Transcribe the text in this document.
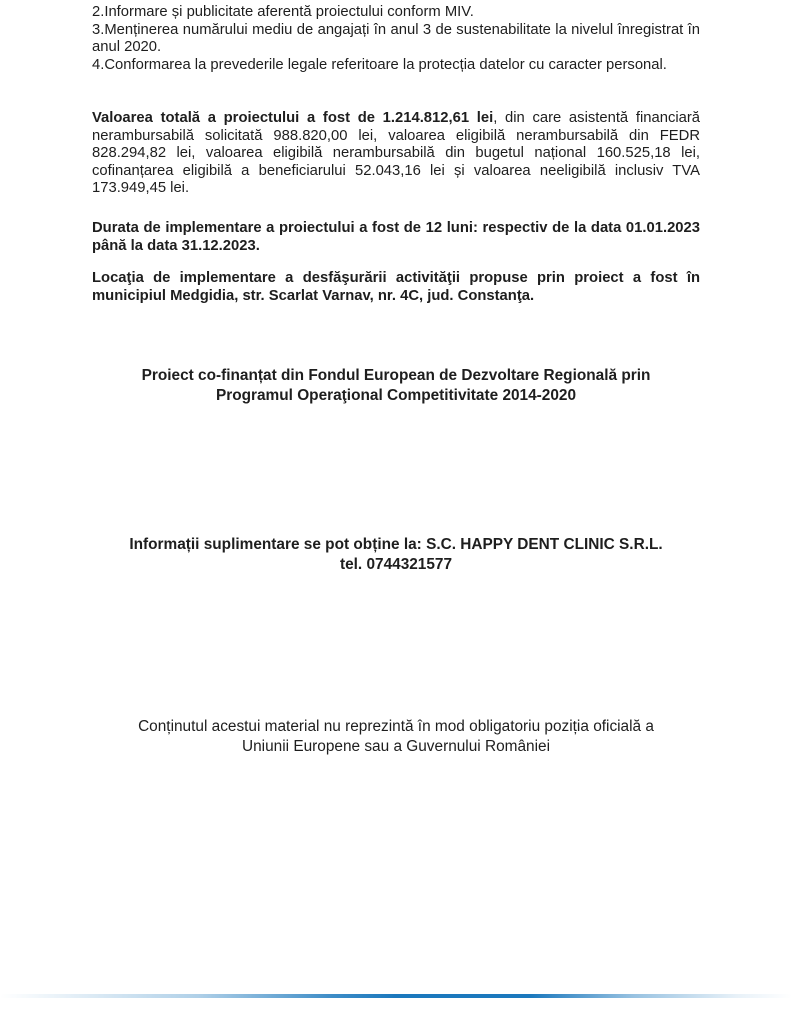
2.Informare și publicitate aferentă proiectului conform MIV.

3.Menținerea numărului mediu de angajați în anul 3 de sustenabilitate la nivelul înregistrat în anul 2020.

4.Conformarea la prevederile legale referitoare la protecția datelor cu caracter personal.

Valoarea totală a proiectului a fost de 1.214.812,61 lei, din care asistentă financiară nerambursabilă solicitată 988.820,00 lei, valoarea eligibilă nerambursabilă din FEDR 828.294,82 lei, valoarea eligibilă nerambursabilă din bugetul național 160.525,18 lei, cofinanțarea eligibilă a beneficiarului 52.043,16 lei și valoarea neeligibilă inclusiv TVA 173.949,45 lei.

Durata de implementare a proiectului a fost de 12 luni: respectiv de la data 01.01.2023 până la data 31.12.2023.

Locaţia de implementare a desfăşurării activităţii propuse prin proiect a fost în municipiul Medgidia, str. Scarlat Varnav, nr. 4C, jud. Constanţa.

Proiect co-finanțat din Fondul European de Dezvoltare Regională prin
Programul Operaţional Competitivitate 2014-2020
Informații suplimentare se pot obține la: S.C. HAPPY DENT CLINIC S.R.L.
tel. 0744321577
Conținutul acestui material nu reprezintă în mod obligatoriu poziția oficială a
Uniunii Europene sau a Guvernului României
